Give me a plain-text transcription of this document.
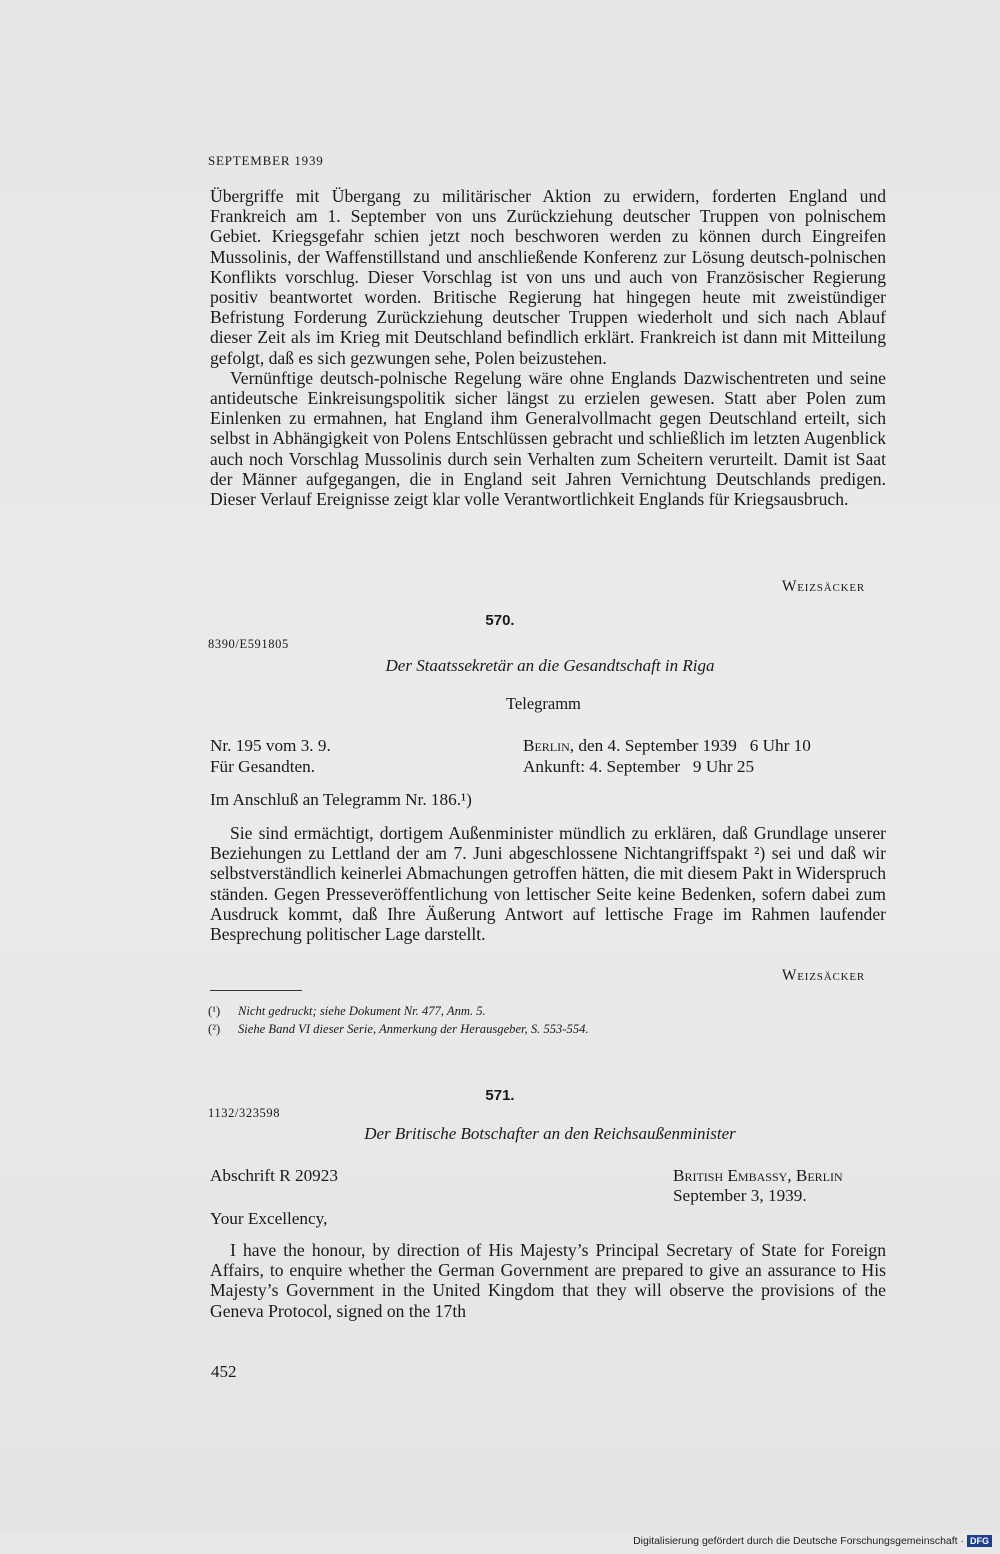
SEPTEMBER 1939

Übergriffe mit Übergang zu militärischer Aktion zu erwidern, forderten England und Frankreich am 1. September von uns Zurückziehung deutscher Truppen von polnischem Gebiet. Kriegsgefahr schien jetzt noch beschworen werden zu können durch Eingreifen Mussolinis, der Waffenstillstand und anschließende Konferenz zur Lösung deutsch-polnischen Konflikts vorschlug. Dieser Vorschlag ist von uns und auch von Französischer Regierung positiv beantwortet worden. Britische Regierung hat hingegen heute mit zweistündiger Befristung Forderung Zurückziehung deutscher Truppen wiederholt und sich nach Ablauf dieser Zeit als im Krieg mit Deutschland befindlich erklärt. Frankreich ist dann mit Mitteilung gefolgt, daß es sich gezwungen sehe, Polen beizustehen.

Vernünftige deutsch-polnische Regelung wäre ohne Englands Dazwischentreten und seine antideutsche Einkreisungspolitik sicher längst zu erzielen gewesen. Statt aber Polen zum Einlenken zu ermahnen, hat England ihm Generalvollmacht gegen Deutschland erteilt, sich selbst in Abhängigkeit von Polens Entschlüssen gebracht und schließlich im letzten Augenblick auch noch Vorschlag Mussolinis durch sein Verhalten zum Scheitern verurteilt. Damit ist Saat der Männer aufgegangen, die in England seit Jahren Vernichtung Deutschlands predigen. Dieser Verlauf Ereignisse zeigt klar volle Verantwortlichkeit Englands für Kriegsausbruch.

Weizsäcker
570.
8390/E591805
Der Staatssekretär an die Gesandtschaft in Riga
Telegramm
Nr. 195 vom 3. 9.	Berlin, den 4. September 1939   6 Uhr 10
Für Gesandten.	Ankunft: 4. September   9 Uhr 25
Im Anschluß an Telegramm Nr. 186.¹)

Sie sind ermächtigt, dortigem Außenminister mündlich zu erklären, daß Grundlage unserer Beziehungen zu Lettland der am 7. Juni abgeschlossene Nichtangriffspakt ²) sei und daß wir selbstverständlich keinerlei Abmachungen getroffen hätten, die mit diesem Pakt in Widerspruch ständen. Gegen Presseveröffentlichung von lettischer Seite keine Bedenken, sofern dabei zum Ausdruck kommt, daß Ihre Äußerung Antwort auf lettische Frage im Rahmen laufender Besprechung politischer Lage darstellt.

Weizsäcker
(¹) Nicht gedruckt; siehe Dokument Nr. 477, Anm. 5.
(²) Siehe Band VI dieser Serie, Anmerkung der Herausgeber, S. 553-554.
571.
1132/323598
Der Britische Botschafter an den Reichsaußenminister
Abschrift R 20923	British Embassy, Berlin
September 3, 1939.
Your Excellency,

I have the honour, by direction of His Majesty’s Principal Secretary of State for Foreign Affairs, to enquire whether the German Government are prepared to give an assurance to His Majesty’s Government in the United Kingdom that they will observe the provisions of the Geneva Protocol, signed on the 17th

452
Digitalisierung gefördert durch die Deutsche Forschungsgemeinschaft · DFG
